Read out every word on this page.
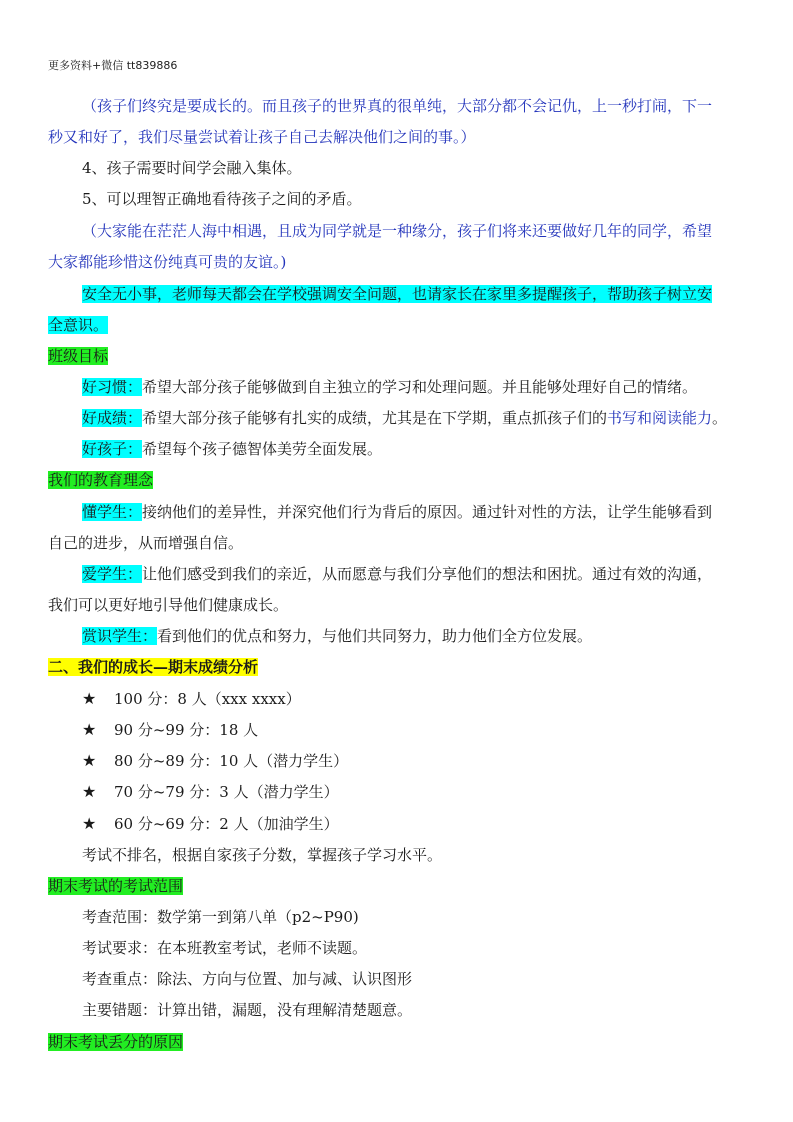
更多资料+微信 tt839886
（孩子们终究是要成长的。而且孩子的世界真的很单纯，大部分都不会记仇，上一秒打闹，下一
秒又和好了，我们尽量尝试着让孩子自己去解决他们之间的事。）
4、孩子需要时间学会融入集体。
5、可以理智正确地看待孩子之间的矛盾。
（大家能在茫茫人海中相遇，且成为同学就是一种缘分，孩子们将来还要做好几年的同学，希望
大家都能珍惜这份纯真可贵的友谊。)
安全无小事，老师每天都会在学校强调安全问题，也请家长在家里多提醒孩子，帮助孩子树立安
全意识。
班级目标
好习惯：希望大部分孩子能够做到自主独立的学习和处理问题。并且能够处理好自己的情绪。
好成绩：希望大部分孩子能够有扎实的成绩，尤其是在下学期，重点抓孩子们的书写和阅读能力。
好孩子：希望每个孩子德智体美劳全面发展。
我们的教育理念
懂学生：接纳他们的差异性，并深究他们行为背后的原因。通过针对性的方法，让学生能够看到
自己的进步，从而增强自信。
爱学生：让他们感受到我们的亲近，从而愿意与我们分享他们的想法和困扰。通过有效的沟通，
我们可以更好地引导他们健康成长。
赏识学生：看到他们的优点和努力，与他们共同努力，助力他们全方位发展。
二、我们的成长—期末成绩分析
★ 100 分：8 人（xxx xxxx）
★ 90 分~99 分：18 人
★ 80 分~89 分：10 人（潜力学生）
★ 70 分~79 分：3 人（潜力学生）
★ 60 分~69 分：2 人（加油学生）
考试不排名，根据自家孩子分数，掌握孩子学习水平。
期末考试的考试范围
考查范围：数学第一到第八单（p2~P90)
考试要求：在本班教室考试，老师不读题。
考查重点：除法、方向与位置、加与减、认识图形
主要错题：计算出错，漏题，没有理解清楚题意。
期末考试丢分的原因
